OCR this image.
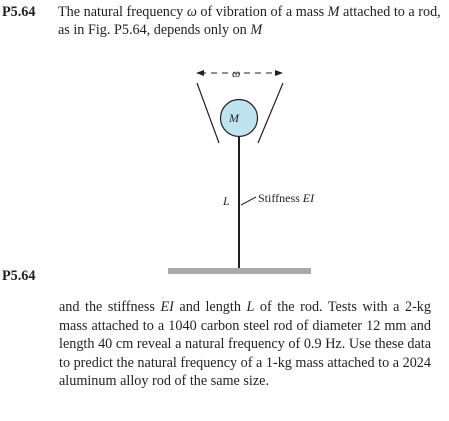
P5.64 The natural frequency ω of vibration of a mass M attached to a rod, as in Fig. P5.64, depends only on M
ω
M
L Stiffness EI
P5.64
and the stiffness EI and length L of the rod. Tests with a 2-kg mass attached to a 1040 carbon steel rod of diameter 12 mm and length 40 cm reveal a natural frequency of 0.9 Hz. Use these data to predict the natural frequency of a 1-kg mass attached to a 2024 aluminum alloy rod of the same size.
